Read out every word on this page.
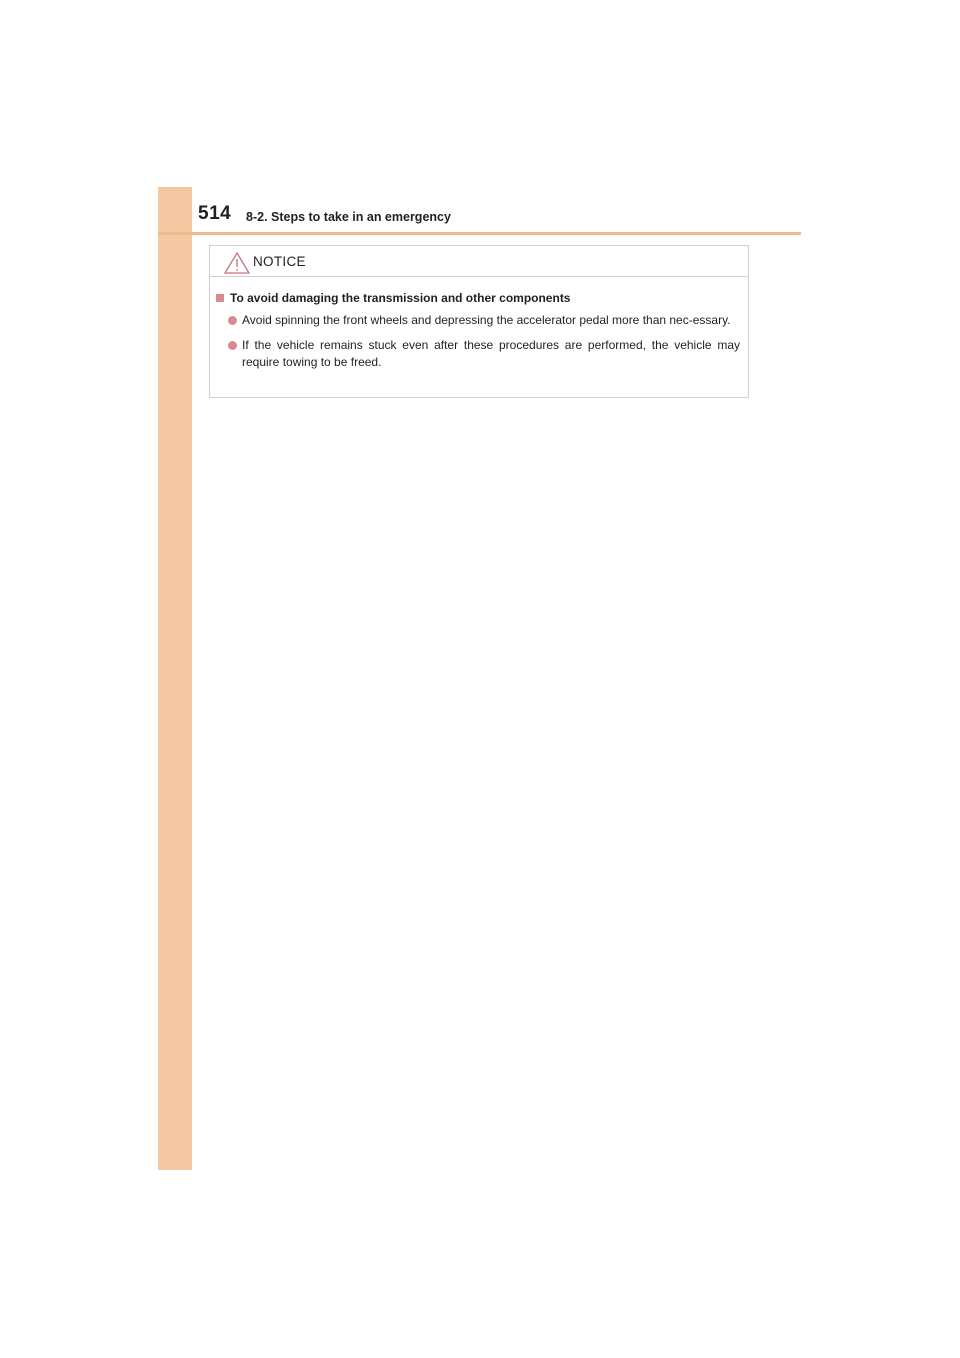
514 8-2. Steps to take in an emergency
NOTICE
To avoid damaging the transmission and other components
Avoid spinning the front wheels and depressing the accelerator pedal more than nec-essary.
If the vehicle remains stuck even after these procedures are performed, the vehicle may require towing to be freed.
